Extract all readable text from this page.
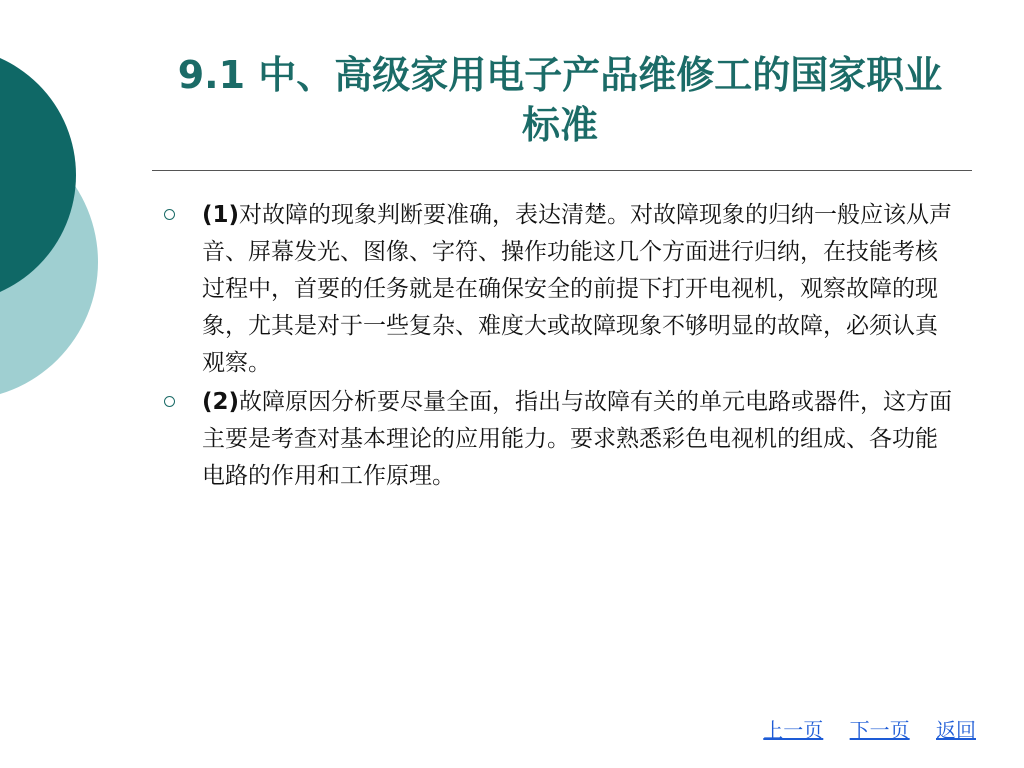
9.1 中、高级家用电子产品维修工的国家职业标准
(1)对故障的现象判断要准确，表达清楚。对故障现象的归纳一般应该从声音、屏幕发光、图像、字符、操作功能这几个方面进行归纳，在技能考核过程中，首要的任务就是在确保安全的前提下打开电视机，观察故障的现象，尤其是对于一些复杂、难度大或故障现象不够明显的故障，必须认真观察。
(2)故障原因分析要尽量全面，指出与故障有关的单元电路或器件，这方面主要是考查对基本理论的应用能力。要求熟悉彩色电视机的组成、各功能电路的作用和工作原理。
上一页 下一页 返回
